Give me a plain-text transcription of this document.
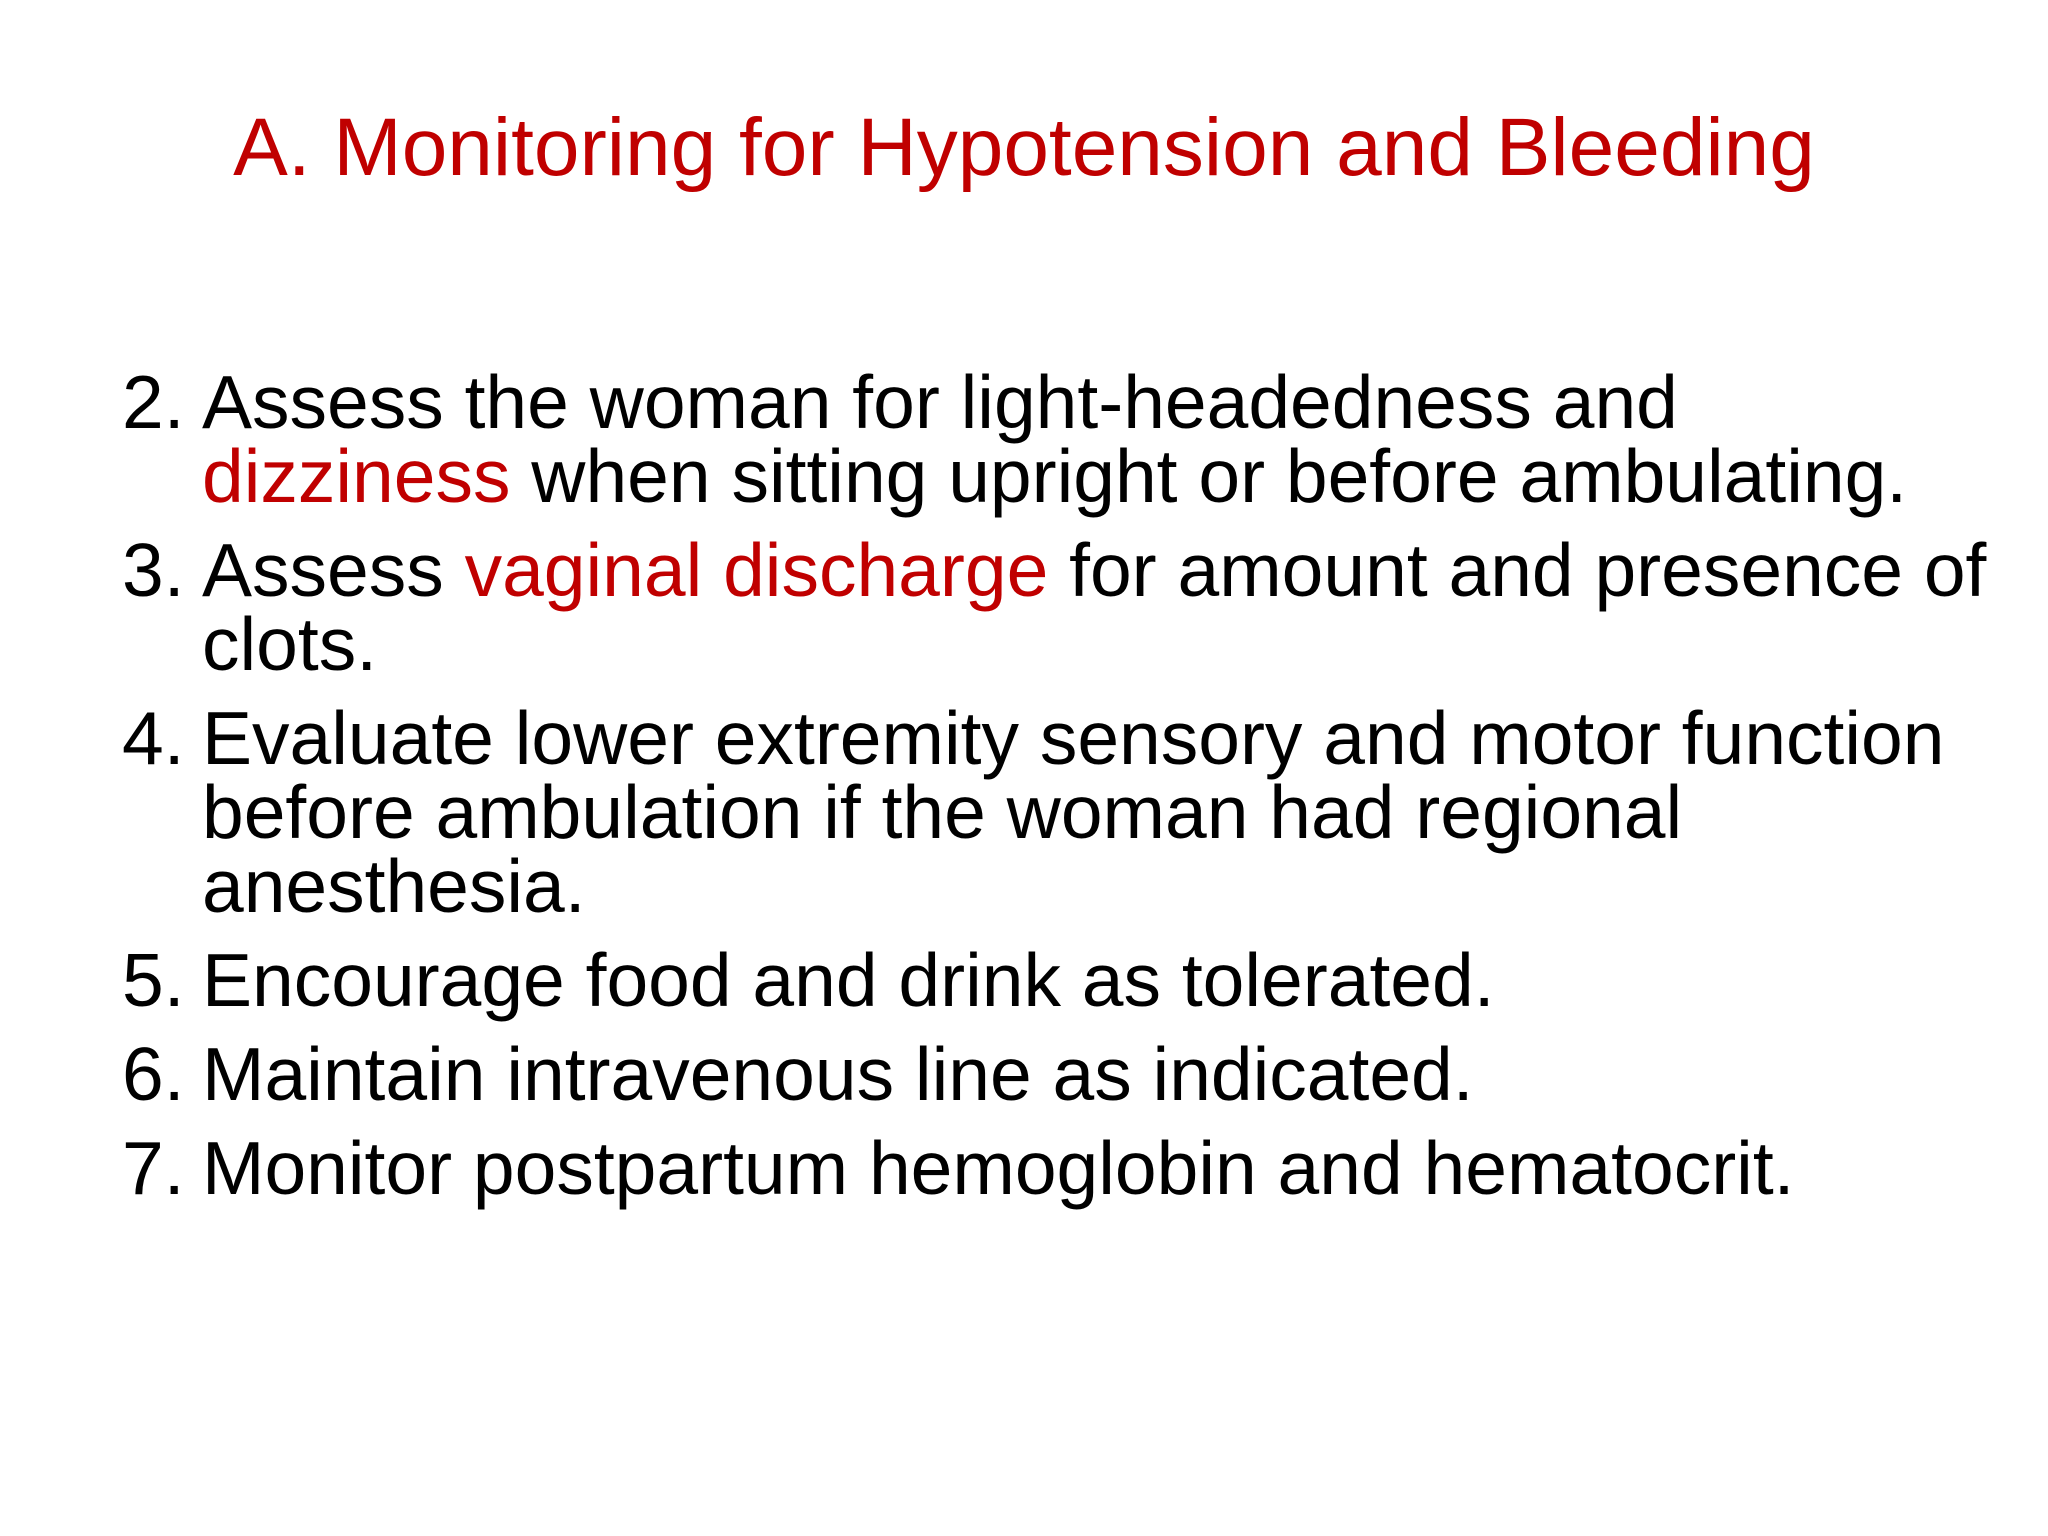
A. Monitoring for Hypotension and Bleeding
2. Assess the woman for light-headedness and dizziness when sitting upright or before ambulating.
3. Assess vaginal discharge for amount and presence of clots.
4. Evaluate lower extremity sensory and motor function before ambulation if the woman had regional anesthesia.
5. Encourage food and drink as tolerated.
6. Maintain intravenous line as indicated.
7. Monitor postpartum hemoglobin and hematocrit.
